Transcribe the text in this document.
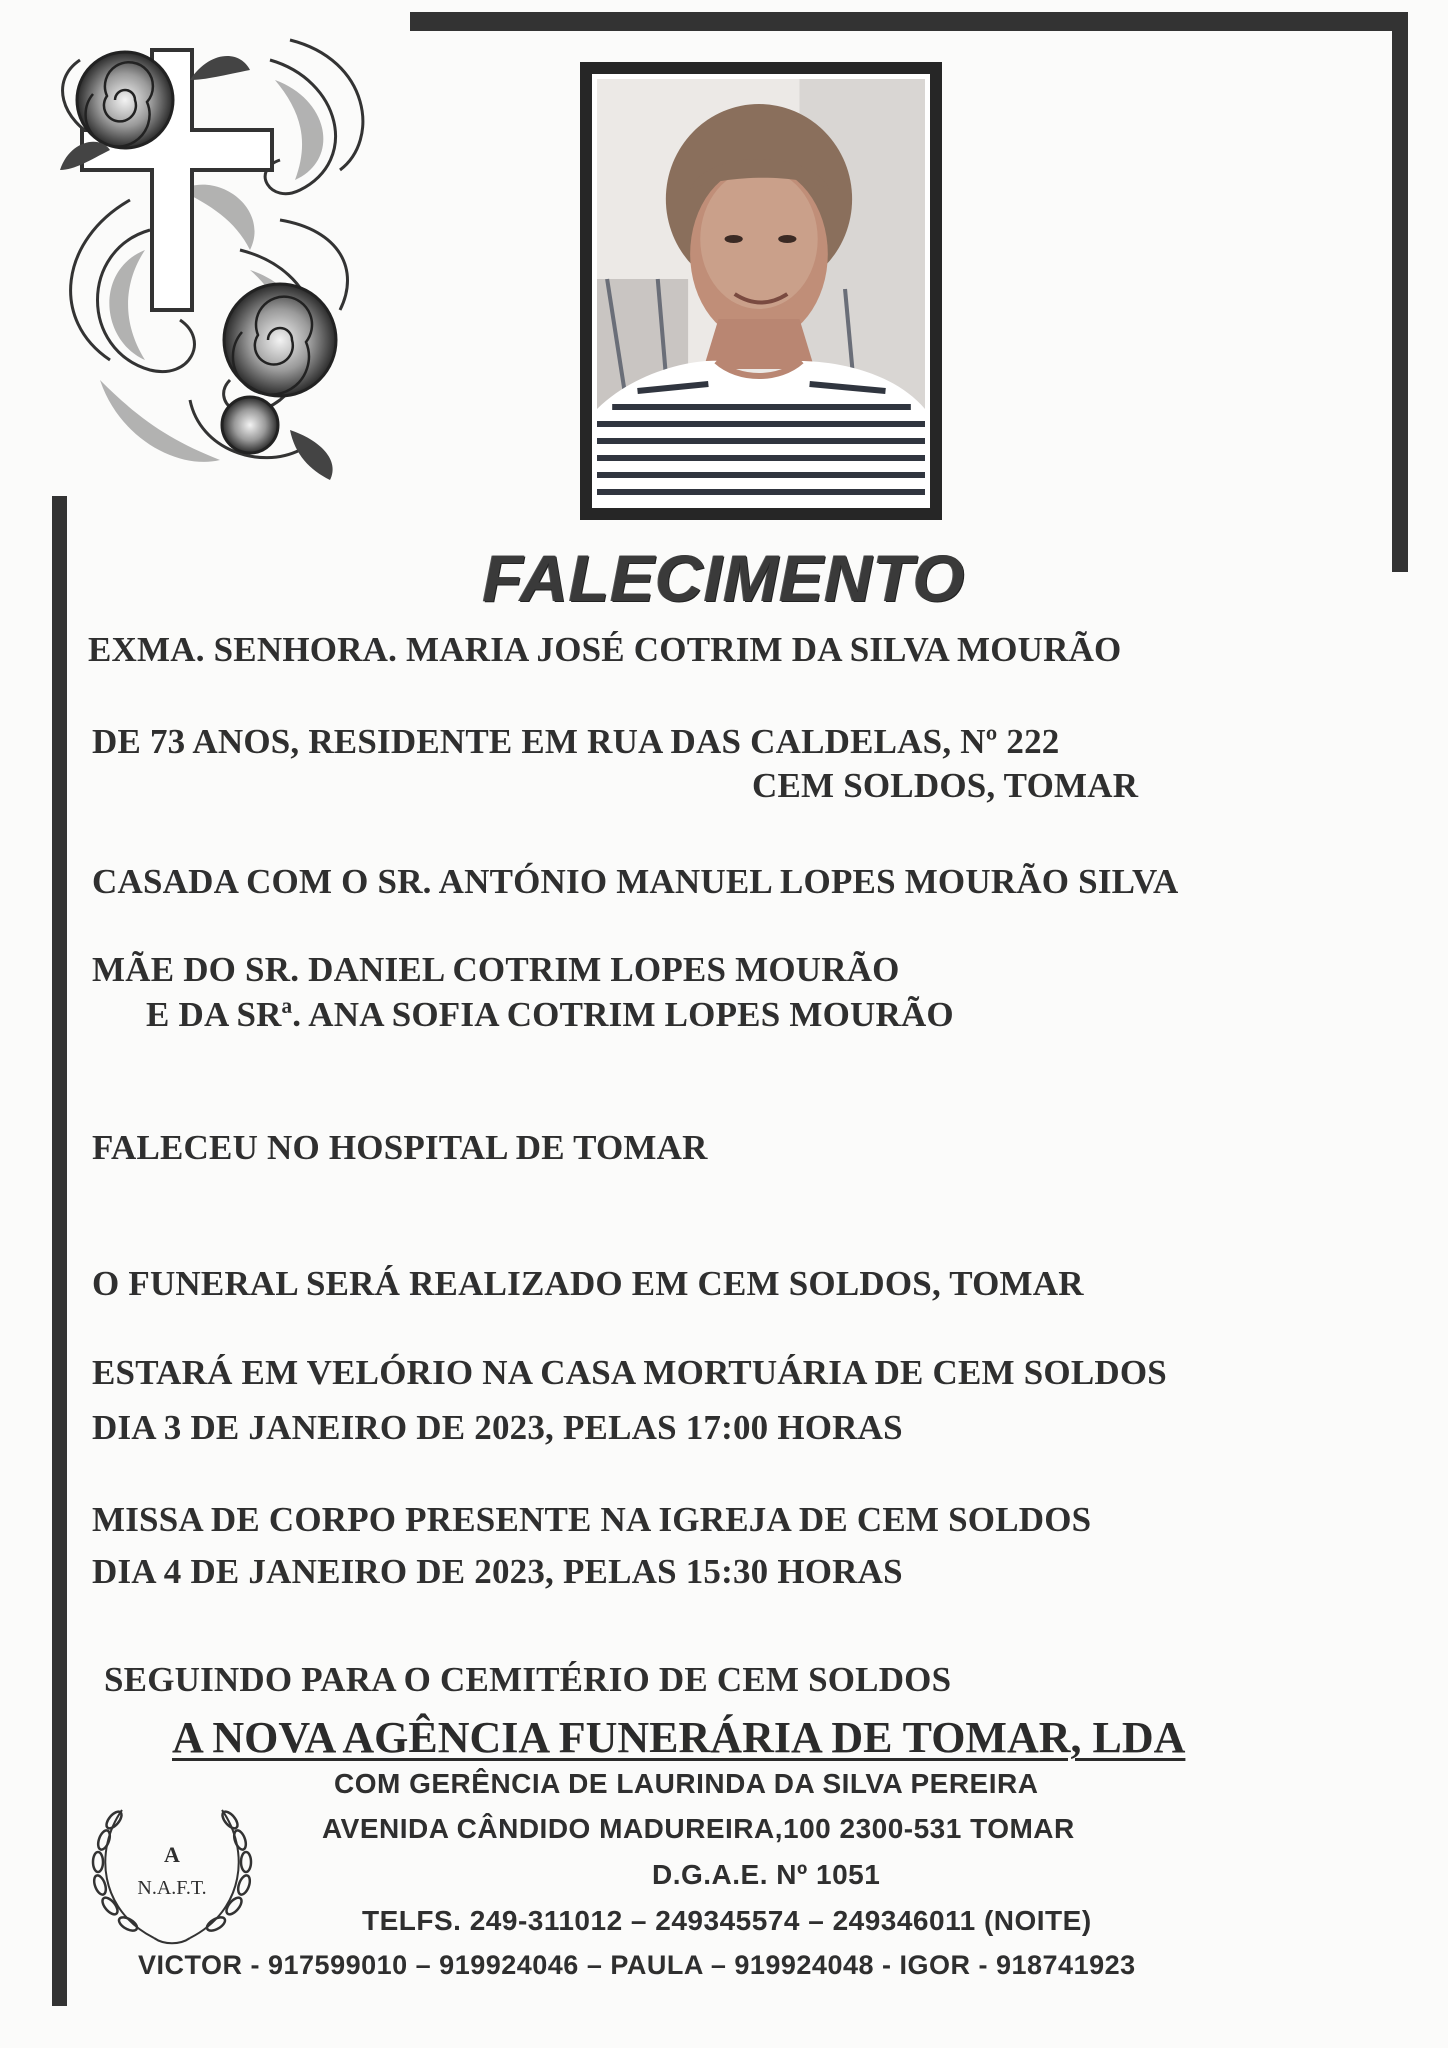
FALECIMENTO
EXMA. SENHORA. MARIA JOSÉ COTRIM DA SILVA MOURÃO
DE 73 ANOS, RESIDENTE EM RUA DAS CALDELAS, Nº 222
CEM SOLDOS, TOMAR
CASADA COM O SR. ANTÓNIO MANUEL LOPES MOURÃO SILVA
MÃE DO SR. DANIEL COTRIM LOPES MOURÃO
E DA SRª. ANA SOFIA COTRIM LOPES MOURÃO
FALECEU NO HOSPITAL DE TOMAR
O FUNERAL SERÁ REALIZADO EM CEM SOLDOS, TOMAR
ESTARÁ EM VELÓRIO NA CASA MORTUÁRIA DE CEM SOLDOS
DIA 3 DE JANEIRO DE 2023, PELAS 17:00 HORAS
MISSA DE CORPO PRESENTE NA IGREJA DE CEM SOLDOS
DIA 4 DE JANEIRO DE 2023, PELAS 15:30 HORAS
SEGUINDO PARA O CEMITÉRIO DE CEM SOLDOS
A NOVA AGÊNCIA FUNERÁRIA DE TOMAR, LDA
COM GERÊNCIA DE LAURINDA DA SILVA PEREIRA
AVENIDA CÂNDIDO MADUREIRA,100 2300-531 TOMAR
D.G.A.E. Nº 1051
TELFS. 249-311012 – 249345574 – 249346011 (NOITE)
VICTOR - 917599010 – 919924046 – PAULA – 919924048 - IGOR - 918741923
A
N.A.F.T.
